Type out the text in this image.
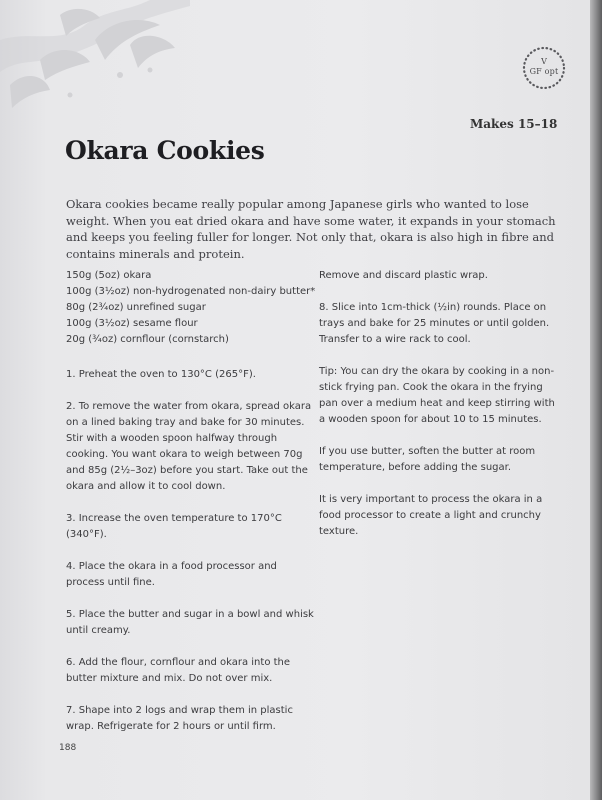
V
GF opt
Makes 15–18
Okara Cookies

Okara cookies became really popular among Japanese girls who wanted to lose weight. When you eat dried okara and have some water, it expands in your stomach and keeps you feeling fuller for longer. Not only that, okara is also high in fibre and contains minerals and protein.

150g (5oz) okara

100g (3½oz) non-hydrogenated non-dairy butter*

80g (2¾oz) unrefined sugar

100g (3½oz) sesame flour

20g (¾oz) cornflour (cornstarch)

1. Preheat the oven to 130°C (265°F).

2. To remove the water from okara, spread okara on a lined baking tray and bake for 30 minutes. Stir with a wooden spoon halfway through cooking. You want okara to weigh between 70g and 85g (2½–3oz) before you start. Take out the okara and allow it to cool down.

3. Increase the oven temperature to 170°C (340°F).

4. Place the okara in a food processor and process until fine.

5. Place the butter and sugar in a bowl and whisk until creamy.

6. Add the flour, cornflour and okara into the butter mixture and mix. Do not over mix.

7. Shape into 2 logs and wrap them in plastic wrap. Refrigerate for 2 hours or until firm.

Remove and discard plastic wrap.

8. Slice into 1cm-thick (½in) rounds. Place on trays and bake for 25 minutes or until golden. Transfer to a wire rack to cool.

Tip: You can dry the okara by cooking in a non-stick frying pan. Cook the okara in the frying pan over a medium heat and keep stirring with a wooden spoon for about 10 to 15 minutes.

If you use butter, soften the butter at room temperature, before adding the sugar.

It is very important to process the okara in a food processor to create a light and crunchy texture.

188
